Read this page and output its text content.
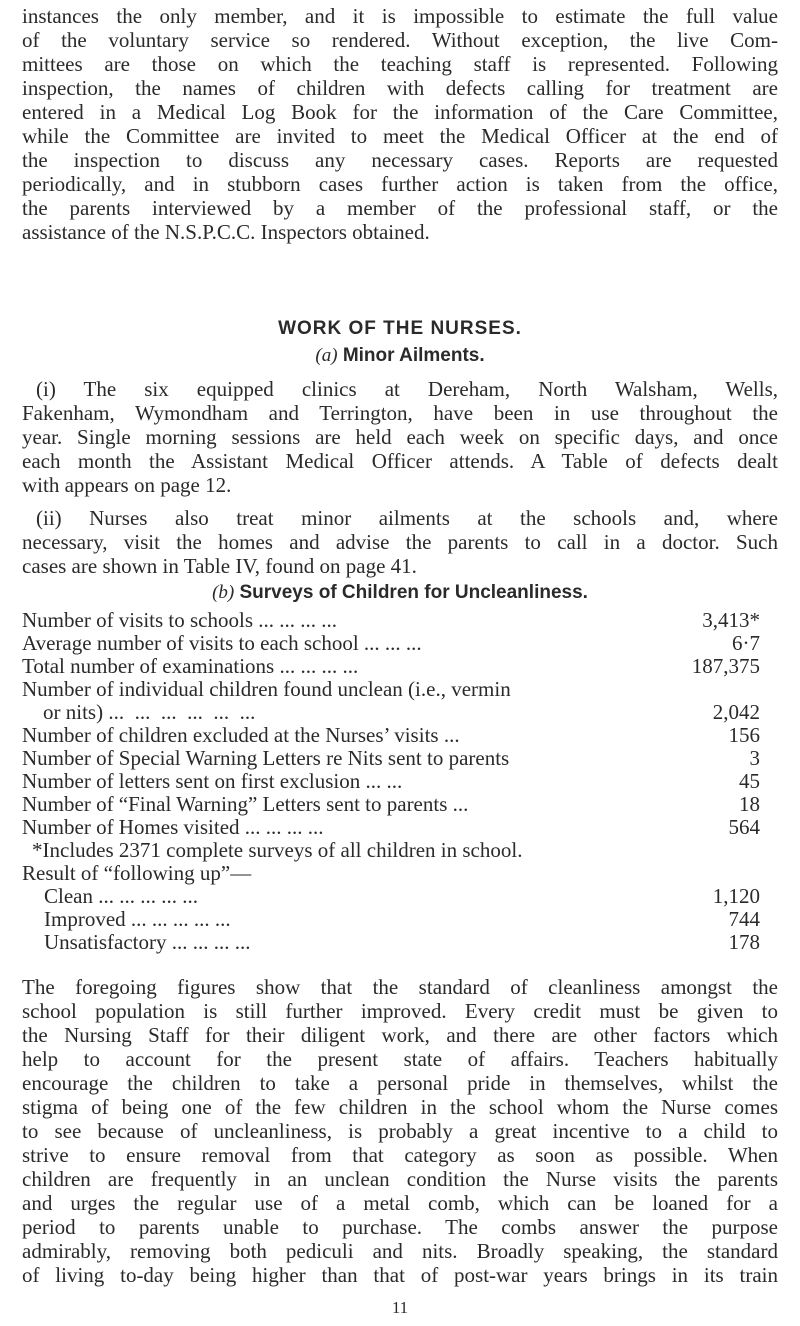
instances the only member, and it is impossible to estimate the full value
of the voluntary service so rendered. Without exception, the live Com-
mittees are those on which the teaching staff is represented. Following
inspection, the names of children with defects calling for treatment are
entered in a Medical Log Book for the information of the Care Committee,
while the Committee are invited to meet the Medical Officer at the end of
the inspection to discuss any necessary cases. Reports are requested
periodically, and in stubborn cases further action is taken from the office,
the parents interviewed by a member of the professional staff, or the
assistance of the N.S.P.C.C. Inspectors obtained.
WORK OF THE NURSES.
(a) Minor Ailments.
(i) The six equipped clinics at Dereham, North Walsham, Wells,
Fakenham, Wymondham and Terrington, have been in use throughout the
year. Single morning sessions are held each week on specific days, and once
each month the Assistant Medical Officer attends. A Table of defects dealt
with appears on page 12.
(ii) Nurses also treat minor ailments at the schools and, where
necessary, visit the homes and advise the parents to call in a doctor. Such
cases are shown in Table IV, found on page 41.
(b) Surveys of Children for Uncleanliness.
Number of visits to schools ... ... ... ...	3,413*
Average number of visits to each school ... ... ...	6·7
Total number of examinations ... ... ... ...	187,375
Number of individual children found unclean (i.e., vermin
or nits) ...  ...  ...  ...  ...  ...	2,042
Number of children excluded at the Nurses’ visits ...	156
Number of Special Warning Letters re Nits sent to parents	3
Number of letters sent on first exclusion ... ...	45
Number of “Final Warning” Letters sent to parents ...	18
Number of Homes visited ... ... ... ...	564
*Includes 2371 complete surveys of all children in school.
Result of “following up”—
Clean ... ... ... ... ...	1,120
Improved ... ... ... ... ...	744
Unsatisfactory ... ... ... ...	178
The foregoing figures show that the standard of cleanliness amongst the
school population is still further improved. Every credit must be given to
the Nursing Staff for their diligent work, and there are other factors which
help to account for the present state of affairs. Teachers habitually
encourage the children to take a personal pride in themselves, whilst the
stigma of being one of the few children in the school whom the Nurse comes
to see because of uncleanliness, is probably a great incentive to a child to
strive to ensure removal from that category as soon as possible. When
children are frequently in an unclean condition the Nurse visits the parents
and urges the regular use of a metal comb, which can be loaned for a
period to parents unable to purchase. The combs answer the purpose
admirably, removing both pediculi and nits. Broadly speaking, the standard
of living to-day being higher than that of post-war years brings in its train
11
